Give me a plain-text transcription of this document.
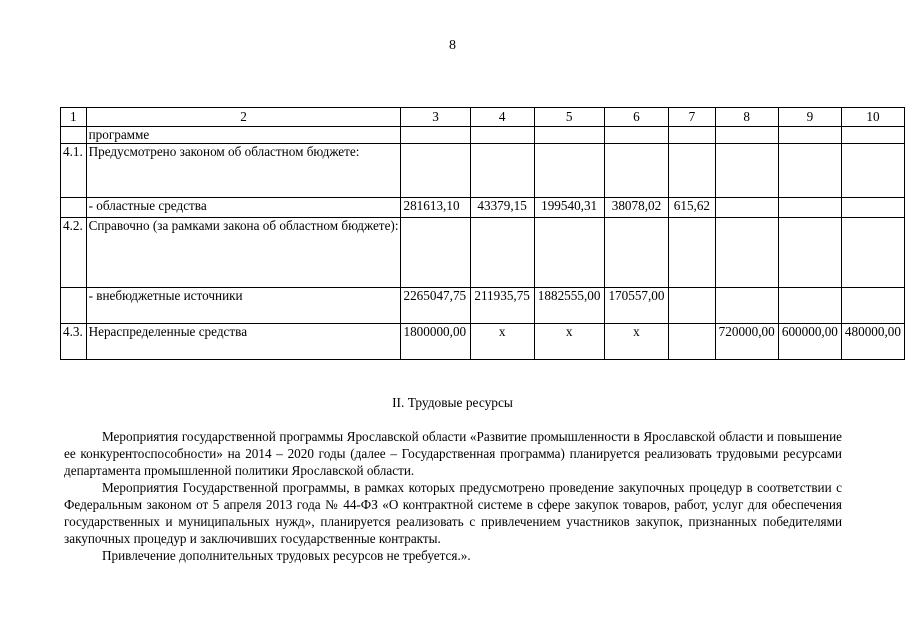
8
1	2	3	4	5	6	7	8	9	10
	программе								
4.1.	Предусмотрено законом об областном бюджете:								
	- областные средства	281613,10	43379,15	199540,31	38078,02	615,62			
4.2.	Справочно (за рамками закона об областном бюджете):								
	- внебюджетные источники	2265047,75	211935,75	1882555,00	170557,00				
4.3.	Нераспределенные средства	1800000,00	х	х	х		720000,00	600000,00	480000,00
II. Трудовые ресурсы

Мероприятия государственной программы Ярославской области «Развитие промышленности в Ярославской области и повышение ее конкурентоспособности» на 2014 – 2020 годы (далее – Государственная программа) планируется реализовать трудовыми ресурсами департамента промышленной политики Ярославской области.

Мероприятия Государственной программы, в рамках которых предусмотрено проведение закупочных процедур в соответствии с Федеральным законом от 5 апреля 2013 года № 44-ФЗ «О контрактной системе в сфере закупок товаров, работ, услуг для обеспечения государственных и муниципальных нужд», планируется реализовать с привлечением участников закупок, признанных победителями закупочных процедур и заключивших государственные контракты.

Привлечение дополнительных трудовых ресурсов не требуется.».
